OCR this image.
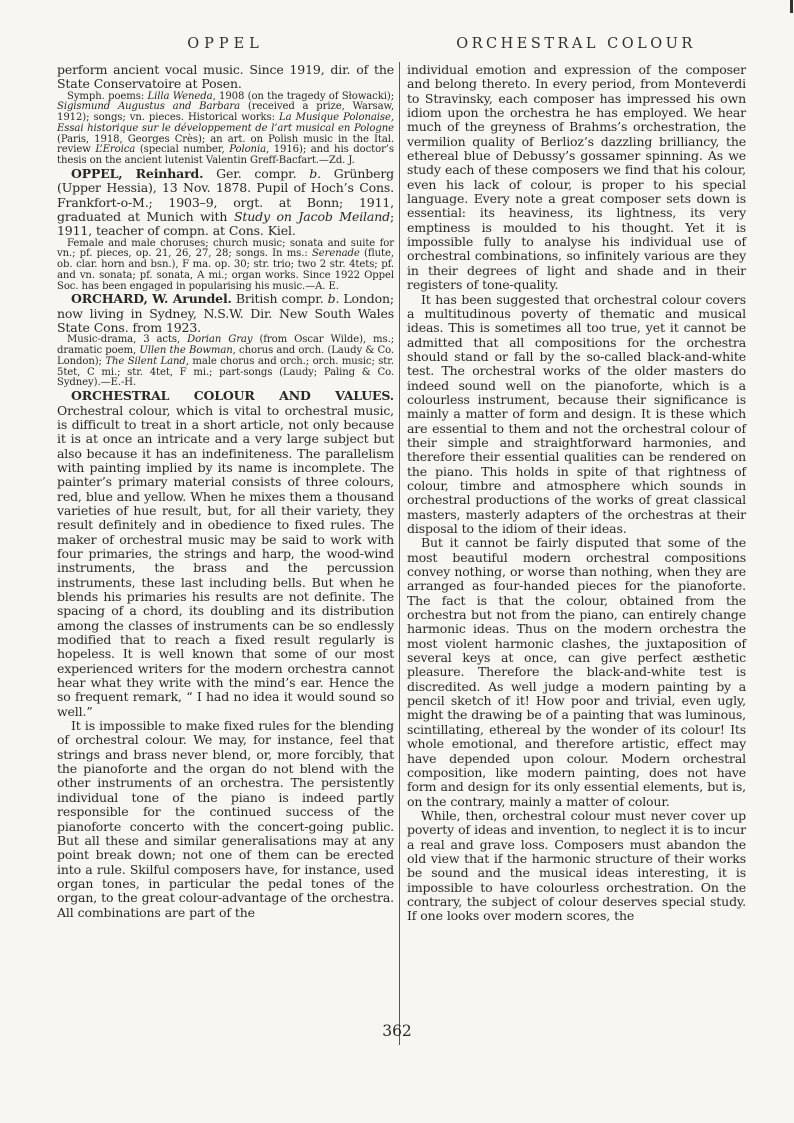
OPPEL	ORCHESTRAL COLOUR

perform ancient vocal music. Since 1919, dir. of the State Conservatoire at Posen.

Symph. poems: Lilla Weneda, 1908 (on the tragedy of Słowacki); Sigismund Augustus and Barbara (received a prize, Warsaw, 1912); songs; vn. pieces. Historical works: La Musique Polonaise, Essai historique sur le développement de l’art musical en Pologne (Paris, 1918, Georges Crès); an art. on Polish music in the Ital. review L’Eroica (special number, Polonia, 1916); and his doctor’s thesis on the ancient lutenist Valentin Greff-Bacfart.—Zd. J.

OPPEL, Reinhard. Ger. compr. b. Grünberg (Upper Hessia), 13 Nov. 1878. Pupil of Hoch’s Cons. Frankfort-o-M.; 1903–9, orgt. at Bonn; 1911, graduated at Munich with Study on Jacob Meiland; 1911, teacher of compn. at Cons. Kiel.

Female and male choruses; church music; sonata and suite for vn.; pf. pieces, op. 21, 26, 27, 28; songs. In ms.: Serenade (flute, ob. clar. horn and bsn.), F ma. op. 30; str. trio; two 2 str. 4tets; pf. and vn. sonata; pf. sonata, A mi.; organ works. Since 1922 Oppel Soc. has been engaged in popularising his music.—A. E.

ORCHARD, W. Arundel. British compr. b. London; now living in Sydney, N.S.W. Dir. New South Wales State Cons. from 1923.

Music-drama, 3 acts, Dorian Gray (from Oscar Wilde), ms.; dramatic poem, Ullen the Bowman, chorus and orch. (Laudy & Co. London); The Silent Land, male chorus and orch.; orch. music; str. 5tet, C mi.; str. 4tet, F mi.; part-songs (Laudy; Paling & Co. Sydney).—E.-H.

ORCHESTRAL COLOUR AND VALUES. Orchestral colour, which is vital to orchestral music, is difficult to treat in a short article, not only because it is at once an intricate and a very large subject but also because it has an indefiniteness. The parallelism with painting implied by its name is incomplete. The painter’s primary material consists of three colours, red, blue and yellow. When he mixes them a thousand varieties of hue result, but, for all their variety, they result definitely and in obedience to fixed rules. The maker of orchestral music may be said to work with four primaries, the strings and harp, the wood-wind instruments, the brass and the percussion instruments, these last including bells. But when he blends his primaries his results are not definite. The spacing of a chord, its doubling and its distribution among the classes of instruments can be so endlessly modified that to reach a fixed result regularly is hopeless. It is well known that some of our most experienced writers for the modern orchestra cannot hear what they write with the mind’s ear. Hence the so frequent remark, “ I had no idea it would sound so well.”

It is impossible to make fixed rules for the blending of orchestral colour. We may, for instance, feel that strings and brass never blend, or, more forcibly, that the pianoforte and the organ do not blend with the other instruments of an orchestra. The persistently individual tone of the piano is indeed partly responsible for the continued success of the pianoforte concerto with the concert-going public. But all these and similar generalisations may at any point break down; not one of them can be erected into a rule. Skilful composers have, for instance, used organ tones, in particular the pedal tones of the organ, to the great colour-advantage of the orchestra. All combinations are part of the

individual emotion and expression of the composer and belong thereto. In every period, from Monteverdi to Stravinsky, each composer has impressed his own idiom upon the orchestra he has employed. We hear much of the greyness of Brahms’s orchestration, the vermilion quality of Berlioz’s dazzling brilliancy, the ethereal blue of Debussy’s gossamer spinning. As we study each of these composers we find that his colour, even his lack of colour, is proper to his special language. Every note a great composer sets down is essential: its heaviness, its lightness, its very emptiness is moulded to his thought. Yet it is impossible fully to analyse his individual use of orchestral combinations, so infinitely various are they in their degrees of light and shade and in their registers of tone-quality.

It has been suggested that orchestral colour covers a multitudinous poverty of thematic and musical ideas. This is sometimes all too true, yet it cannot be admitted that all compositions for the orchestra should stand or fall by the so-called black-and-white test. The orchestral works of the older masters do indeed sound well on the pianoforte, which is a colourless instrument, because their significance is mainly a matter of form and design. It is these which are essential to them and not the orchestral colour of their simple and straightforward harmonies, and therefore their essential qualities can be rendered on the piano. This holds in spite of that rightness of colour, timbre and atmosphere which sounds in orchestral productions of the works of great classical masters, masterly adapters of the orchestras at their disposal to the idiom of their ideas.

But it cannot be fairly disputed that some of the most beautiful modern orchestral compositions convey nothing, or worse than nothing, when they are arranged as four-handed pieces for the pianoforte. The fact is that the colour, obtained from the orchestra but not from the piano, can entirely change harmonic ideas. Thus on the modern orchestra the most violent harmonic clashes, the juxtaposition of several keys at once, can give perfect æsthetic pleasure. Therefore the black-and-white test is discredited. As well judge a modern painting by a pencil sketch of it! How poor and trivial, even ugly, might the drawing be of a painting that was luminous, scintillating, ethereal by the wonder of its colour! Its whole emotional, and therefore artistic, effect may have depended upon colour. Modern orchestral composition, like modern painting, does not have form and design for its only essential elements, but is, on the contrary, mainly a matter of colour.

While, then, orchestral colour must never cover up poverty of ideas and invention, to neglect it is to incur a real and grave loss. Composers must abandon the old view that if the harmonic structure of their works be sound and the musical ideas interesting, it is impossible to have colourless orchestration. On the contrary, the subject of colour deserves special study. If one looks over modern scores, the

362
